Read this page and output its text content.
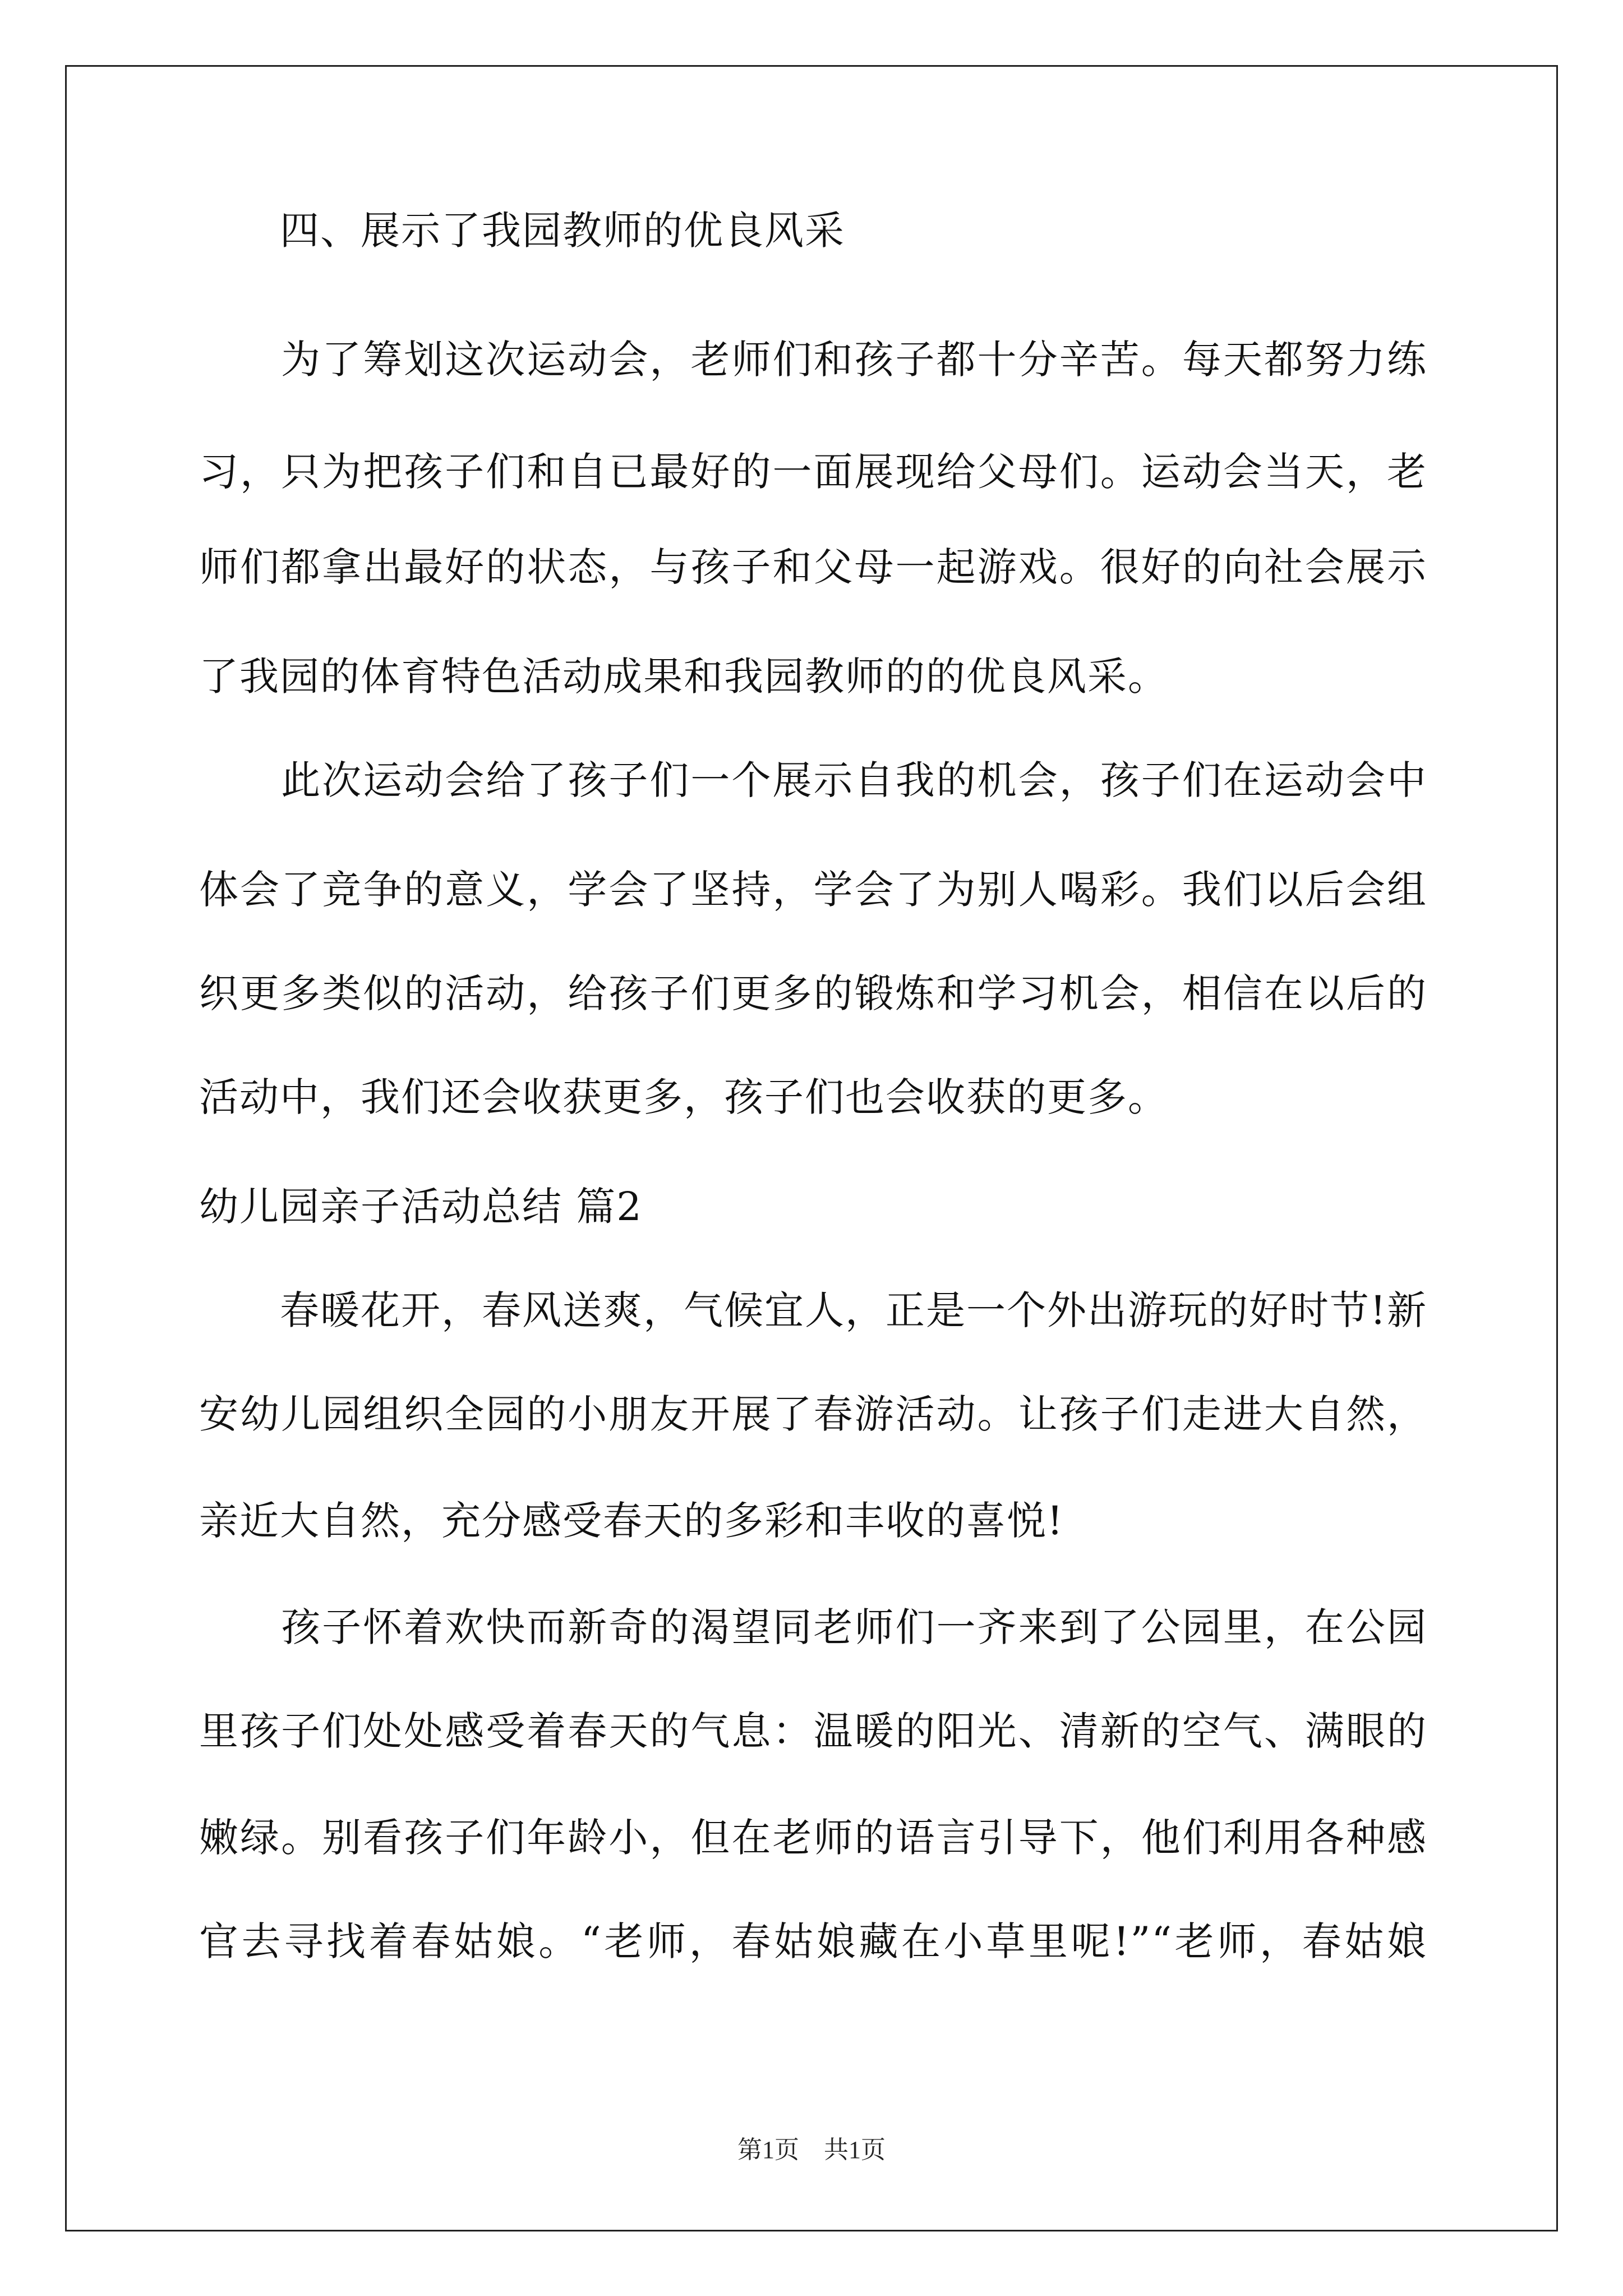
　　四、展示了我园教师的优良风采
　　为了筹划这次运动会，老师们和孩子都十分辛苦。每天都努力练
习，只为把孩子们和自已最好的一面展现给父母们。运动会当天，老
师们都拿出最好的状态，与孩子和父母一起游戏。很好的向社会展示
了我园的体育特色活动成果和我园教师的的优良风采。
　　此次运动会给了孩子们一个展示自我的机会，孩子们在运动会中
体会了竞争的意义，学会了坚持，学会了为别人喝彩。我们以后会组
织更多类似的活动，给孩子们更多的锻炼和学习机会，相信在以后的
活动中，我们还会收获更多，孩子们也会收获的更多。
幼儿园亲子活动总结 篇2
　　春暖花开，春风送爽，气候宜人，正是一个外出游玩的好时节!新
安幼儿园组织全园的小朋友开展了春游活动。让孩子们走进大自然，
亲近大自然，充分感受春天的多彩和丰收的喜悦!
　　孩子怀着欢快而新奇的渴望同老师们一齐来到了公园里，在公园
里孩子们处处感受着春天的气息：温暖的阳光、清新的空气、满眼的
嫩绿。别看孩子们年龄小，但在老师的语言引导下，他们利用各种感
官去寻找着春姑娘。“老师，春姑娘藏在小草里呢!”“老师，春姑娘
第1页　共1页
